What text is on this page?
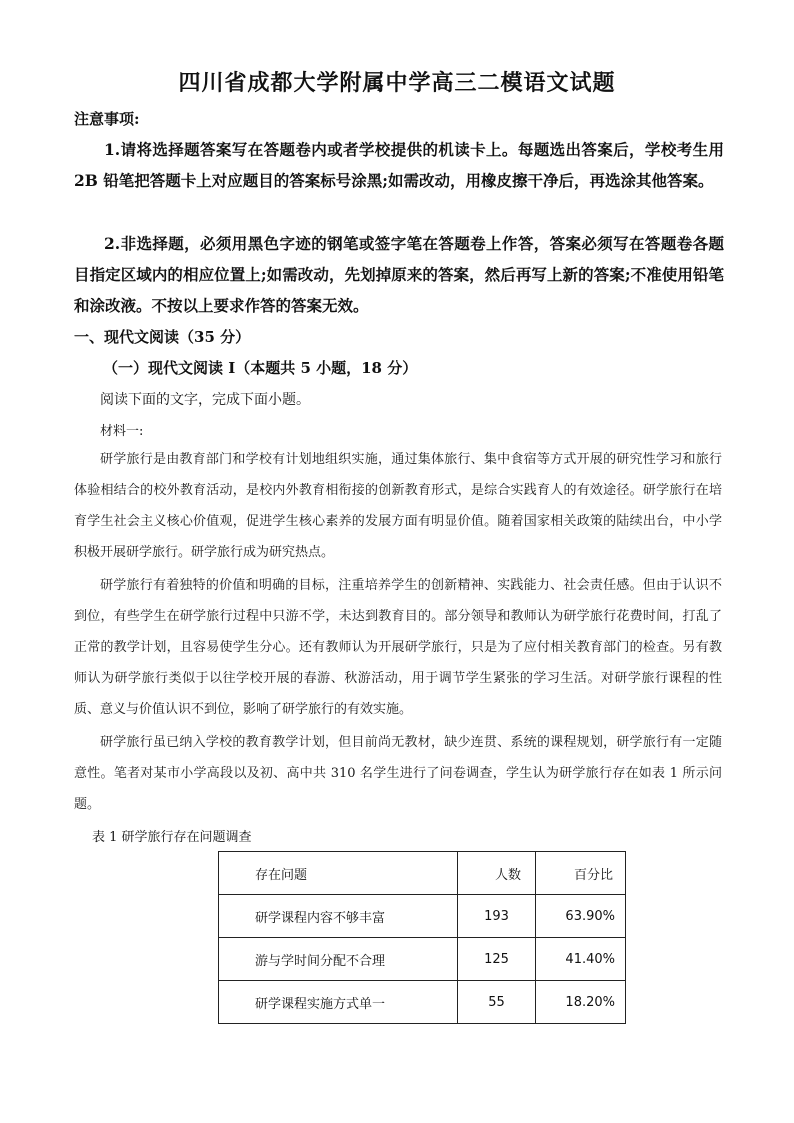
四川省成都大学附属中学高三二模语文试题
注意事项:
1.请将选择题答案写在答题卷内或者学校提供的机读卡上。每题选出答案后，学校考生用 2B 铅笔把答题卡上对应题目的答案标号涂黑;如需改动，用橡皮擦干净后，再选涂其他答案。
2.非选择题，必须用黑色字迹的钢笔或签字笔在答题卷上作答，答案必须写在答题卷各题目指定区域内的相应位置上;如需改动，先划掉原来的答案，然后再写上新的答案;不准使用铅笔和涂改液。不按以上要求作答的答案无效。
一、现代文阅读（35 分）
（一）现代文阅读 I（本题共 5 小题，18 分）
阅读下面的文字，完成下面小题。
材料一:
研学旅行是由教育部门和学校有计划地组织实施，通过集体旅行、集中食宿等方式开展的研究性学习和旅行体验相结合的校外教育活动，是校内外教育相衔接的创新教育形式，是综合实践育人的有效途径。研学旅行在培育学生社会主义核心价值观，促进学生核心素养的发展方面有明显价值。随着国家相关政策的陆续出台，中小学积极开展研学旅行。研学旅行成为研究热点。
研学旅行有着独特的价值和明确的目标，注重培养学生的创新精神、实践能力、社会责任感。但由于认识不到位，有些学生在研学旅行过程中只游不学，未达到教育目的。部分领导和教师认为研学旅行花费时间，打乱了正常的教学计划，且容易使学生分心。还有教师认为开展研学旅行，只是为了应付相关教育部门的检查。另有教师认为研学旅行类似于以往学校开展的春游、秋游活动，用于调节学生紧张的学习生活。对研学旅行课程的性质、意义与价值认识不到位，影响了研学旅行的有效实施。
研学旅行虽已纳入学校的教育教学计划，但目前尚无教材，缺少连贯、系统的课程规划，研学旅行有一定随意性。笔者对某市小学高段以及初、高中共 310 名学生进行了问卷调查，学生认为研学旅行存在如表 1 所示问题。
表 1 研学旅行存在问题调查
存在问题	人数	百分比
研学课程内容不够丰富	193	63.90%
游与学时间分配不合理	125	41.40%
研学课程实施方式单一	55	18.20%
